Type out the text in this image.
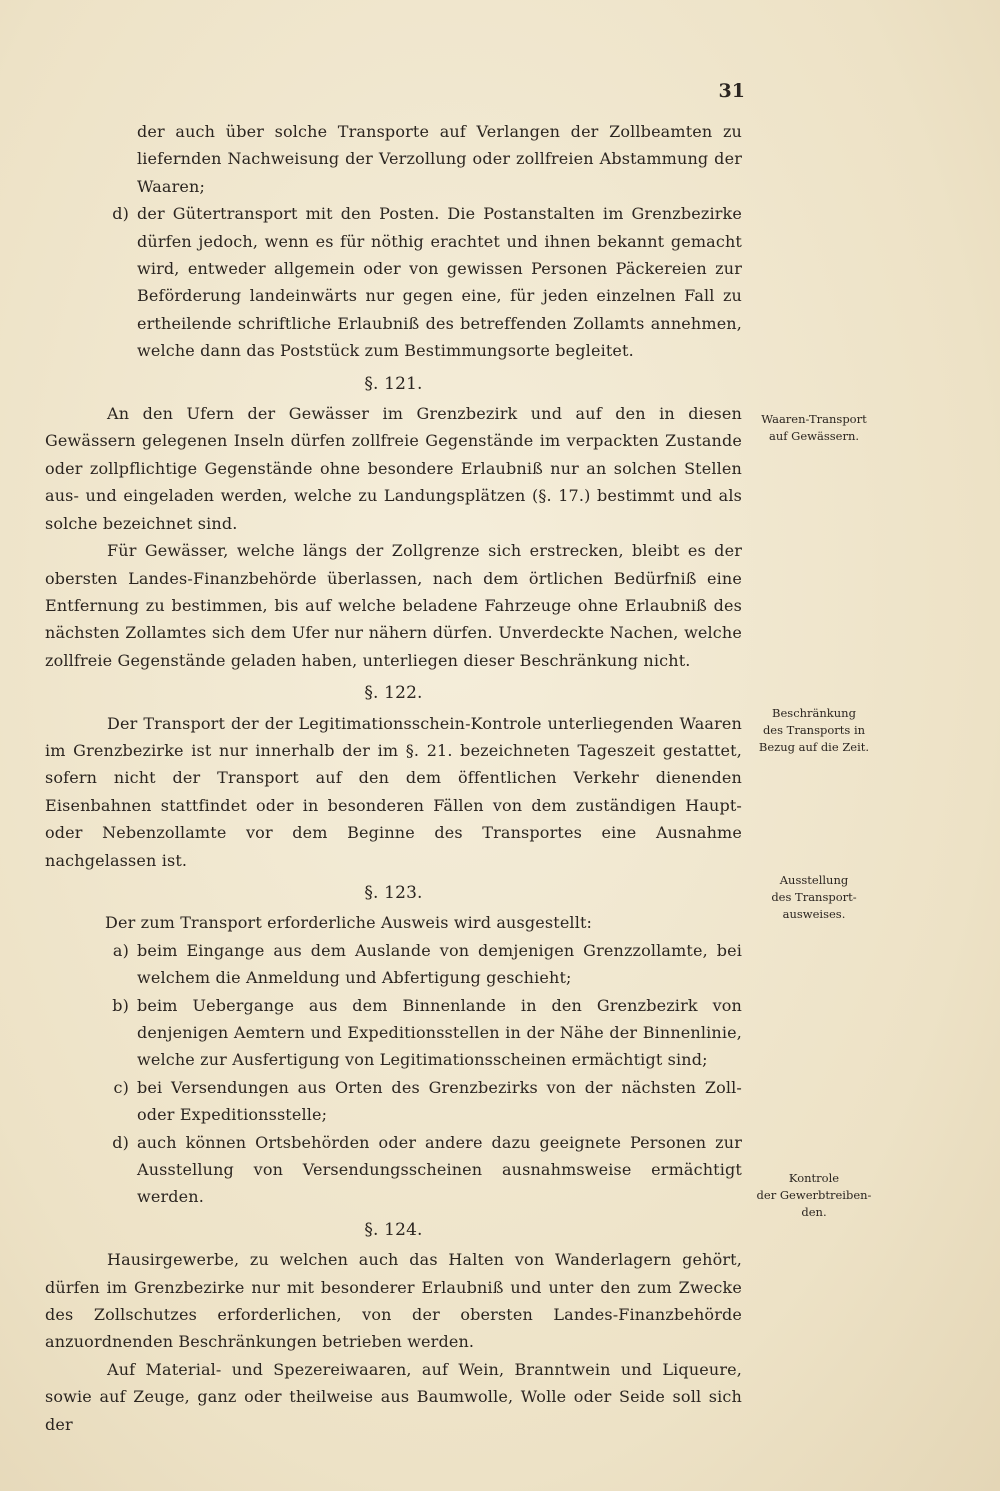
31

der auch über solche Transporte auf Verlangen der Zollbeamten zu liefernden Nachweisung der Verzollung oder zollfreien Abstammung der Waaren;

d) der Gütertransport mit den Posten. Die Postanstalten im Grenzbezirke dürfen jedoch, wenn es für nöthig erachtet und ihnen bekannt gemacht wird, entweder allgemein oder von gewissen Personen Päckereien zur Beförderung landeinwärts nur gegen eine, für jeden einzelnen Fall zu ertheilende schriftliche Erlaubniß des betreffenden Zollamts annehmen, welche dann das Poststück zum Bestimmungsorte begleitet.
§. 121.

An den Ufern der Gewässer im Grenzbezirk und auf den in diesen Gewässern gelegenen Inseln dürfen zollfreie Gegenstände im verpackten Zustande oder zollpflichtige Gegenstände ohne besondere Erlaubniß nur an solchen Stellen aus- und eingeladen werden, welche zu Landungsplätzen (§. 17.) bestimmt und als solche bezeichnet sind.

Für Gewässer, welche längs der Zollgrenze sich erstrecken, bleibt es der obersten Landes-Finanzbehörde überlassen, nach dem örtlichen Bedürfniß eine Entfernung zu bestimmen, bis auf welche beladene Fahrzeuge ohne Erlaubniß des nächsten Zollamtes sich dem Ufer nur nähern dürfen. Unverdeckte Nachen, welche zollfreie Gegenstände geladen haben, unterliegen dieser Beschränkung nicht.

§. 122.

Der Transport der der Legitimationsschein-Kontrole unterliegenden Waaren im Grenzbezirke ist nur innerhalb der im §. 21. bezeichneten Tageszeit gestattet, sofern nicht der Transport auf den dem öffentlichen Verkehr dienenden Eisenbahnen stattfindet oder in besonderen Fällen von dem zuständigen Haupt- oder Nebenzollamte vor dem Beginne des Transportes eine Ausnahme nachgelassen ist.

§. 123.

Der zum Transport erforderliche Ausweis wird ausgestellt:

a) beim Eingange aus dem Auslande von demjenigen Grenzzollamte, bei welchem die Anmeldung und Abfertigung geschieht;
b) beim Uebergange aus dem Binnenlande in den Grenzbezirk von denjenigen Aemtern und Expeditionsstellen in der Nähe der Binnenlinie, welche zur Ausfertigung von Legitimationsscheinen ermächtigt sind;
c) bei Versendungen aus Orten des Grenzbezirks von der nächsten Zoll- oder Expeditionsstelle;
d) auch können Ortsbehörden oder andere dazu geeignete Personen zur Ausstellung von Versendungsscheinen ausnahmsweise ermächtigt werden.
§. 124.

Hausirgewerbe, zu welchen auch das Halten von Wanderlagern gehört, dürfen im Grenzbezirke nur mit besonderer Erlaubniß und unter den zum Zwecke des Zollschutzes erforderlichen, von der obersten Landes-Finanzbehörde anzuordnenden Beschränkungen betrieben werden.

Auf Material- und Spezereiwaaren, auf Wein, Branntwein und Liqueure, sowie auf Zeuge, ganz oder theilweise aus Baumwolle, Wolle oder Seide soll sich der

Waaren-Transport
auf Gewässern.
Beschränkung
des Transports in
Bezug auf die Zeit.
Ausstellung
des Transport-
ausweises.
Kontrole
der Gewerbtreiben-
den.
